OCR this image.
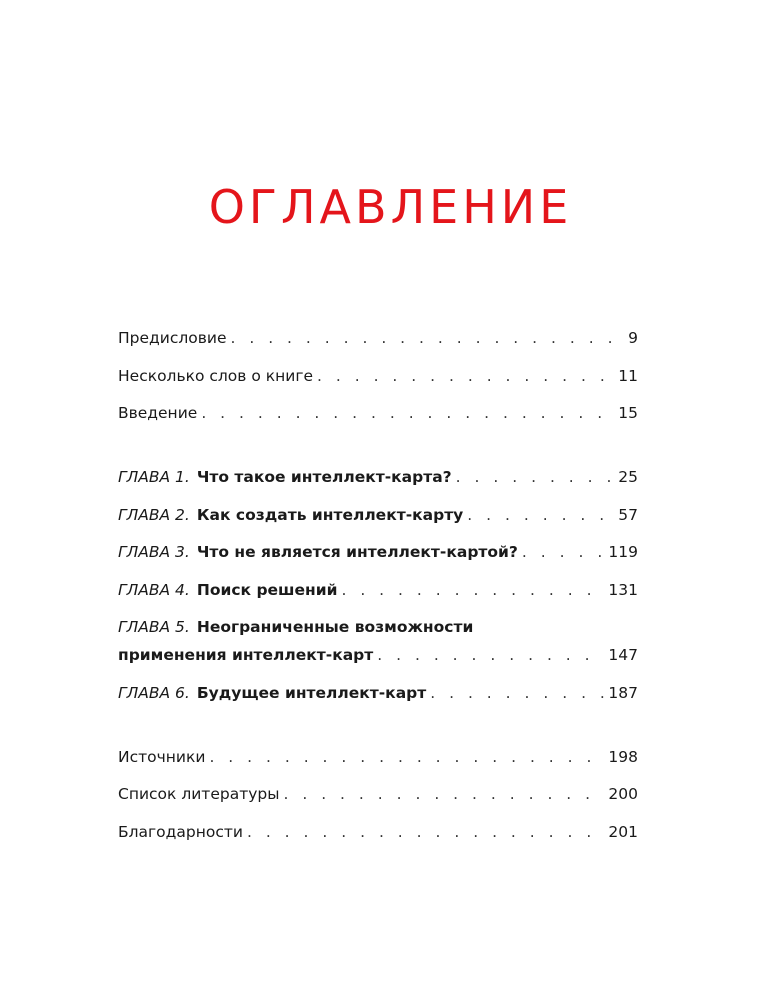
ОГЛАВЛЕНИЕ
Предисловие . . .	9
Несколько слов о книге . . .	11
Введение . . .	15
ГЛАВА 1. Что такое интеллект-карта? . . .	25
ГЛАВА 2. Как создать интеллект-карту . . .	57
ГЛАВА 3. Что не является интеллект-картой? . . .	119
ГЛАВА 4. Поиск решений . . .	131
ГЛАВА 5. Неограниченные возможности
применения интеллект-карт . . .	147
ГЛАВА 6. Будущее интеллект-карт . . .	187
Источники . . .	198
Список литературы . . .	200
Благодарности . . .	201
